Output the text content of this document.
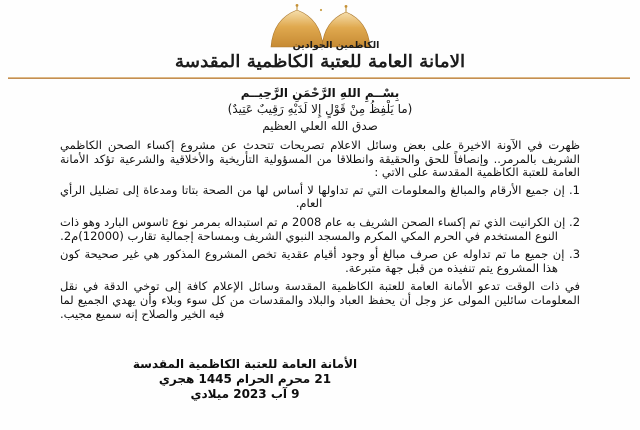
الكاظمين الجوادين
الامانة العامة للعتبة الكاظمية المقدسة
بِسْــمِ اللهِ الرَّحْمَنِ الرَّحِيــم
(ما يَلْفِظُ مِنْ قَوْلٍ إِلا لَدَيْهِ رَقِيبٌ عَتِيدٌ)
صدق الله العلي العظيم

ظهرت في الآونة الاخيرة على بعض وسائل الاعلام تصريحات تتحدث عن مشروع إكساء الصحن الكاظمي الشريف بالمرمر.. وإنصافاً للحق والحقيقة وانطلاقا من المسؤولية التأريخية والأخلاقية والشرعية تؤكد الأمانة العامة للعتبة الكاظمية المقدسة على الاتي :

1. إن جميع الأرقام والمبالغ والمعلومات التي تم تداولها لا أساس لها من الصحة بتاتا ومدعاة إلى تضليل الرأي العام.
2. إن الكرانيت الذي تم إكساء الصحن الشريف به عام 2008 م تم استبداله بمرمر نوع ثاسوس البارد وهو ذات النوع المستخدم في الحرم المكي المكرم والمسجد النبوي الشريف وبمساحة إجمالية تقارب (12000)م2.
3. إن جميع ما تم تداوله عن صرف مبالغ أو وجود أقيام عقدية تخص المشروع المذكور هي غير صحيحة كون هذا المشروع يتم تنفيذه من قبل جهة متبرعة.

في ذات الوقت تدعو الأمانة العامة للعتبة الكاظمية المقدسة وسائل الإعلام كافة إلى توخي الدقة في نقل المعلومات سائلين المولى عز وجل أن يحفظ العباد والبلاد والمقدسات من كل سوء وبلاء وأن يهدي الجميع لما فيه الخير والصلاح إنه سميع مجيب.

الأمانة العامة للعتبة الكاظمية المقدسة
21 محرم الحرام 1445 هجري
9 آب 2023 ميلادي
